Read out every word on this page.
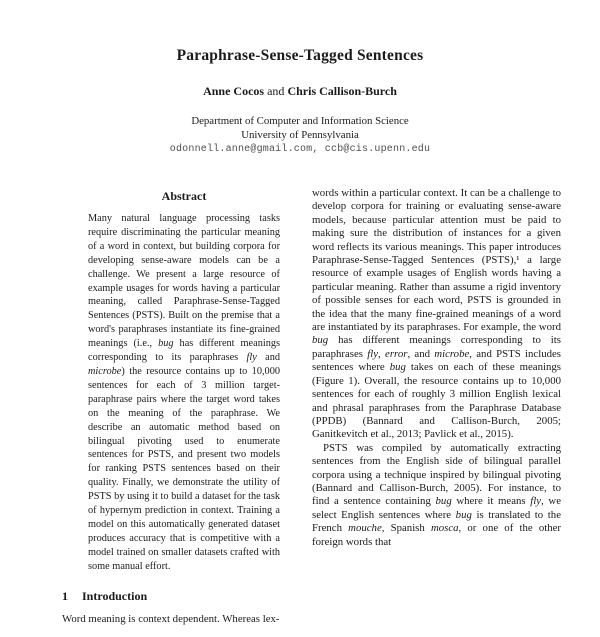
Paraphrase-Sense-Tagged Sentences
Anne Cocos and Chris Callison-Burch
Department of Computer and Information Science
University of Pennsylvania
odonnell.anne@gmail.com, ccb@cis.upenn.edu
Abstract

Many natural language processing tasks require discriminating the particular meaning of a word in context, but building corpora for developing sense-aware models can be a challenge. We present a large resource of example usages for words having a particular meaning, called Paraphrase-Sense-Tagged Sentences (PSTS). Built on the premise that a word's paraphrases instantiate its fine-grained meanings (i.e., bug has different meanings corresponding to its paraphrases fly and microbe) the resource contains up to 10,000 sentences for each of 3 million target-paraphrase pairs where the target word takes on the meaning of the paraphrase. We describe an automatic method based on bilingual pivoting used to enumerate sentences for PSTS, and present two models for ranking PSTS sentences based on their quality. Finally, we demonstrate the utility of PSTS by using it to build a dataset for the task of hypernym prediction in context. Training a model on this automatically generated dataset produces accuracy that is competitive with a model trained on smaller datasets crafted with some manual effort.

1 Introduction

Word meaning is context dependent. Whereas lex-

words within a particular context. It can be a challenge to develop corpora for training or evaluating sense-aware models, because particular attention must be paid to making sure the distribution of instances for a given word reflects its various meanings. This paper introduces Paraphrase-Sense-Tagged Sentences (PSTS),¹ a large resource of example usages of English words having a particular meaning. Rather than assume a rigid inventory of possible senses for each word, PSTS is grounded in the idea that the many fine-grained meanings of a word are instantiated by its paraphrases. For example, the word bug has different meanings corresponding to its paraphrases fly, error, and microbe, and PSTS includes sentences where bug takes on each of these meanings (Figure 1). Overall, the resource contains up to 10,000 sentences for each of roughly 3 million English lexical and phrasal paraphrases from the Paraphrase Database (PPDB) (Bannard and Callison-Burch, 2005; Ganitkevitch et al., 2013; Pavlick et al., 2015).

PSTS was compiled by automatically extracting sentences from the English side of bilingual parallel corpora using a technique inspired by bilingual pivoting (Bannard and Callison-Burch, 2005). For instance, to find a sentence containing bug where it means fly, we select English sentences where bug is translated to the French mouche, Spanish mosca, or one of the other foreign words that
